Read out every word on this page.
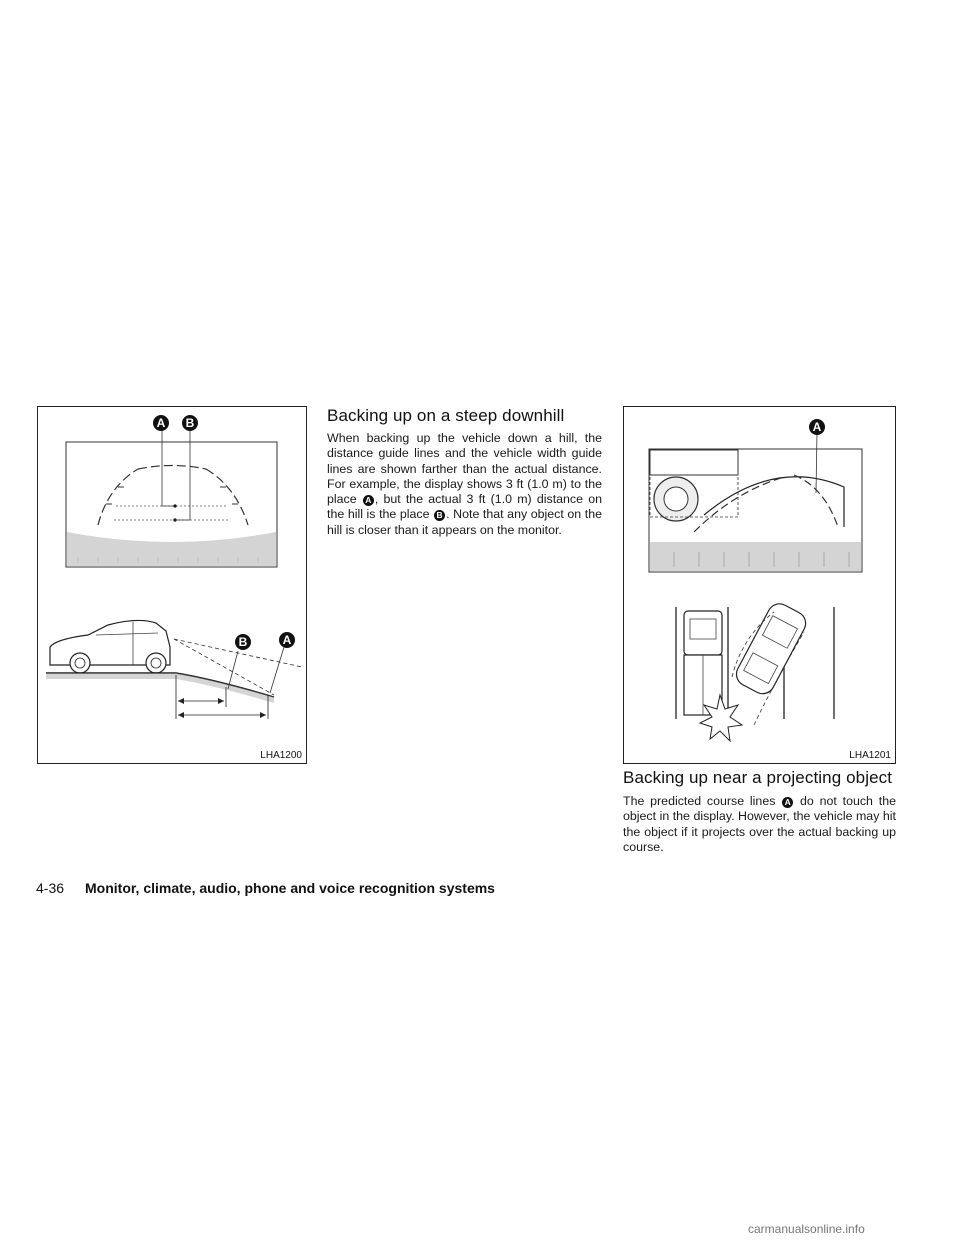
A	B
B	A
LHA1200
Backing up on a steep downhill

When backing up the vehicle down a hill, the distance guide lines and the vehicle width guide lines are shown farther than the actual distance. For example, the display shows 3 ft (1.0 m) to the place A , but the actual 3 ft (1.0 m) distance on the hill is the place B . Note that any object on the hill is closer than it appears on the monitor.

A
LHA1201
Backing up near a projecting object

The predicted course lines A do not touch the object in the display. However, the vehicle may hit the object if it projects over the actual backing up course.

4-36 Monitor, climate, audio, phone and voice recognition systems
carmanualsonline.info
